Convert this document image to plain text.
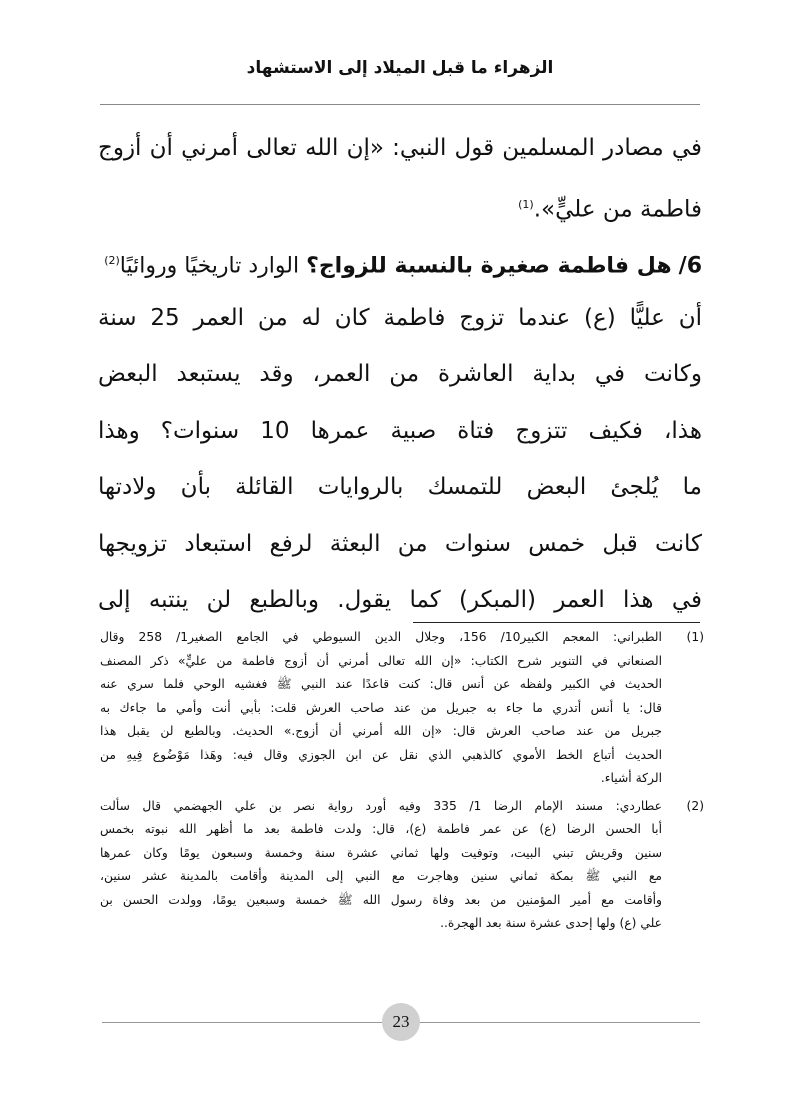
الزهراء ما قبل الميلاد إلى الاستشهاد
في مصادر المسلمين قول النبي: «إن الله تعالى أمرني أن أزوج
فاطمة من عليٍّ».$^{(1)}$
6/ هل فاطمة صغيرة بالنسبة للزواج؟ الوارد تاريخيًا وروائيًا$^{(2)}$
أن عليًّا (ع) عندما تزوج فاطمة كان له من العمر 25 سنة
وكانت في بداية العاشرة من العمر، وقد يستبعد البعض
هذا، فكيف تتزوج فتاة صبية عمرها 10 سنوات؟ وهذا
ما يُلجئ البعض للتمسك بالروايات القائلة بأن ولادتها
كانت قبل خمس سنوات من البعثة لرفع استبعاد تزويجها
في هذا العمر (المبكر) كما يقول. وبالطبع لن ينتبه إلى
(1)
الطبراني: المعجم الكبير10/ 156، وجلال الدين السيوطي في الجامع الصغير1/ 258 وقال
الصنعاني في التنوير شرح الكتاب: «إن الله تعالى أمرني أن أزوج فاطمة من عليٍّ» ذكر المصنف
الحديث في الكبير ولفظه عن أنس قال: كنت قاعدًا عند النبي ﷺ فغشيه الوحي فلما سري عنه
قال: يا أنس أتدري ما جاء به جبريل من عند صاحب العرش قلت: بأبي أنت وأمي ما جاءك به
جبريل من عند صاحب العرش قال: «إن الله أمرني أن أزوج.» الحديث. وبالطبع لن يقبل هذا
الحديث أتباع الخط الأموي كالذهبي الذي نقل عن ابن الجوزي وقال فيه: وهَذا مَوْضُوع فِيهِ من
الركة أشياء.
(2)
عطاردي: مسند الإمام الرضا 1/ 335 وفيه أورد رواية نصر بن علي الجهضمي قال سألت
أبا الحسن الرضا (ع) عن عمر فاطمة (ع)، قال: ولدت فاطمة بعد ما أظهر الله نبوته بخمس
سنين وقريش تبني البيت، وتوفيت ولها ثماني عشرة سنة وخمسة وسبعون يومًا وكان عمرها
مع النبي ﷺ بمكة ثماني سنين وهاجرت مع النبي إلى المدينة وأقامت بالمدينة عشر سنين،
وأقامت مع أمير المؤمنين من بعد وفاة رسول الله ﷺ خمسة وسبعين يومًا، وولدت الحسن بن
علي (ع) ولها إحدى عشرة سنة بعد الهجرة..
23
